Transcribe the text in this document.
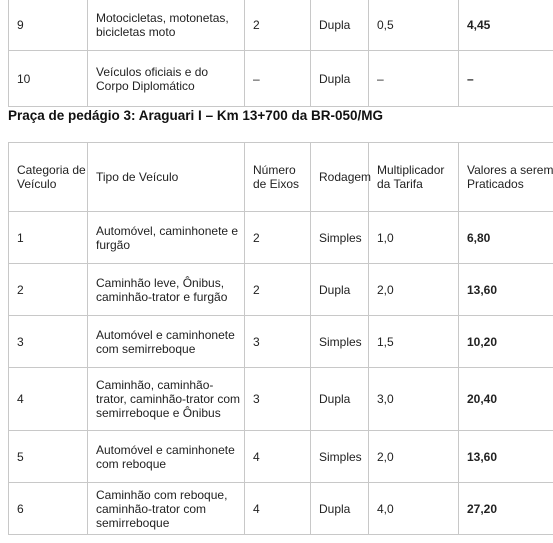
9	Motocicletas, motonetas, bicicletas moto	2	Dupla	0,5	4,45
10	Veículos oficiais e do Corpo Diplomático	–	Dupla	–	–
Praça de pedágio 3: Araguari I – Km 13+700 da BR-050/MG
Categoria de Veículo	Tipo de Veículo	Número de Eixos	Rodagem	Multiplicador da Tarifa	Valores a serem Praticados
1	Automóvel, caminhonete e furgão	2	Simples	1,0	6,80
2	Caminhão leve, Ônibus, caminhão-trator e furgão	2	Dupla	2,0	13,60
3	Automóvel e caminhonete com semirreboque	3	Simples	1,5	10,20
4	Caminhão, caminhão-trator, caminhão-trator com semirreboque e Ônibus	3	Dupla	3,0	20,40
5	Automóvel e caminhonete com reboque	4	Simples	2,0	13,60
6	Caminhão com reboque, caminhão-trator com semirreboque	4	Dupla	4,0	27,20
